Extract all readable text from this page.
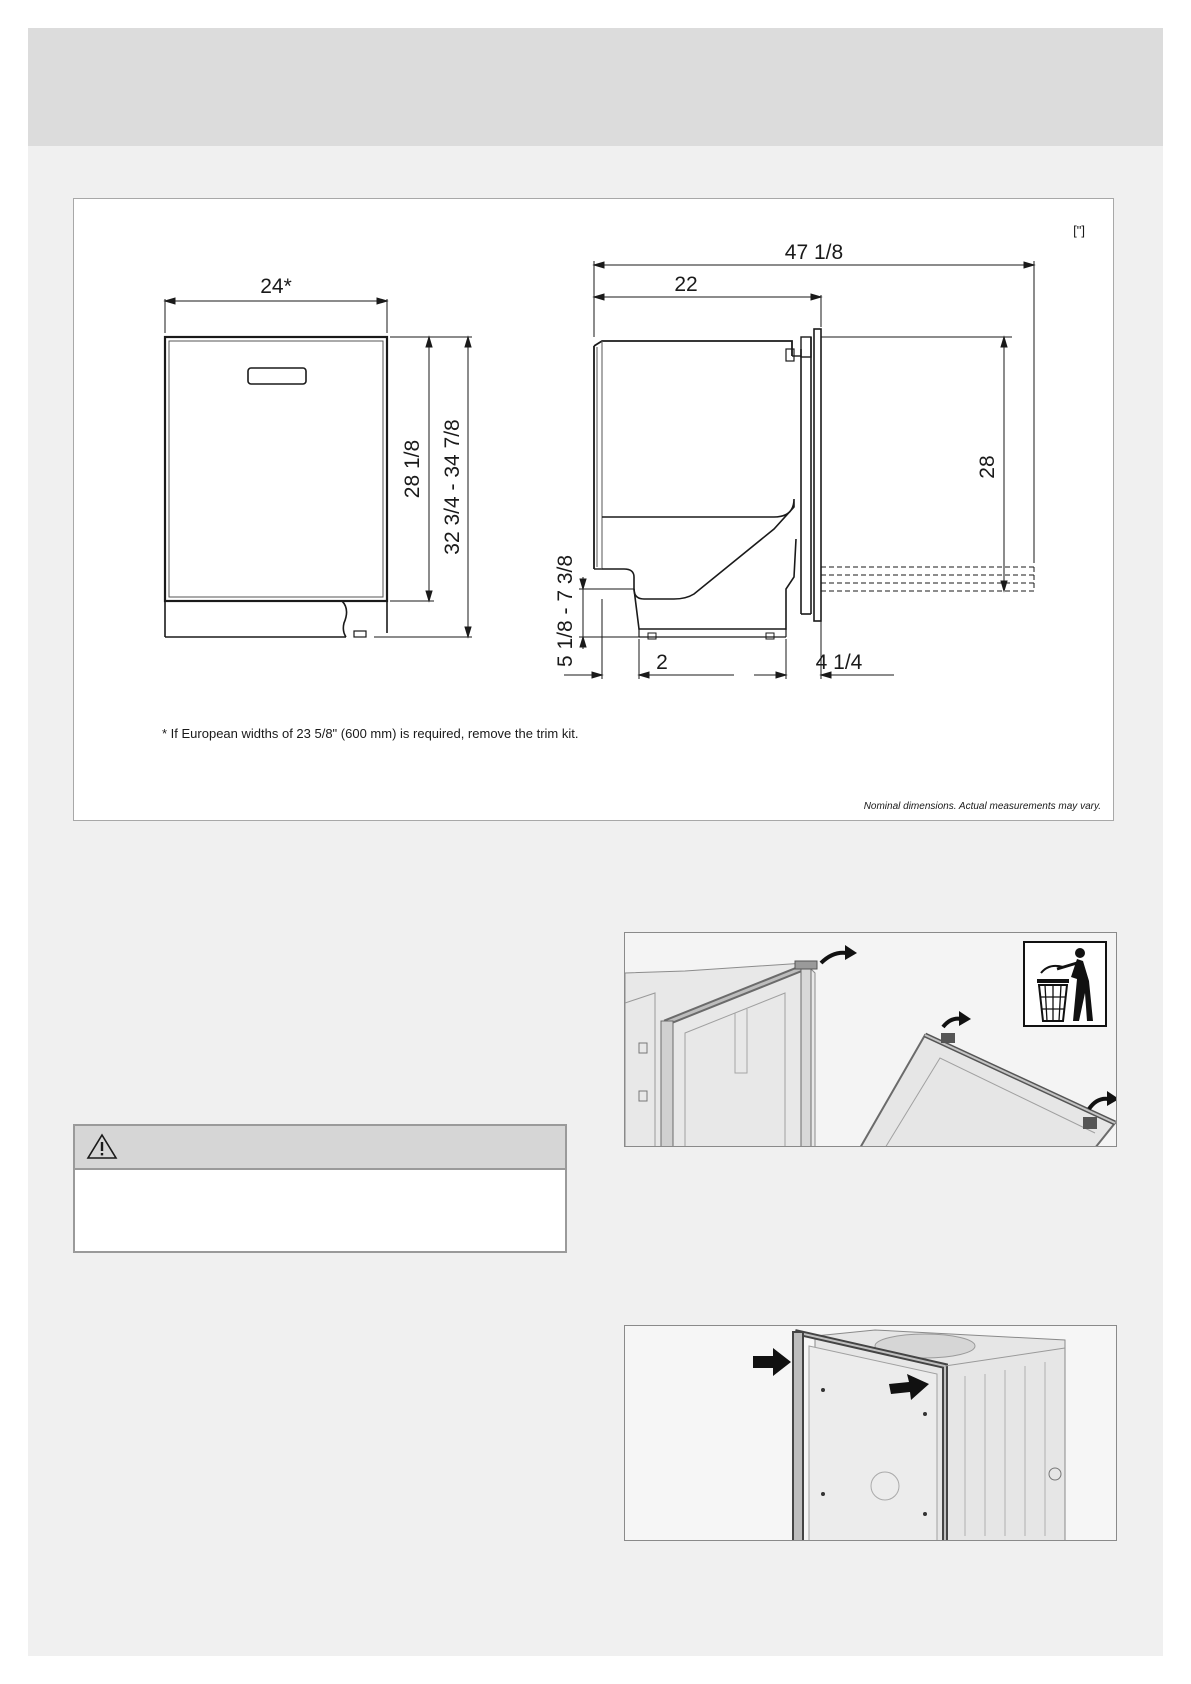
24*
28 1/8 32 3/4 - 34 7/8
47 1/8
22
28
5 1/8 - 7 3/8	2	4 1/4
["]
* If European widths of 23 5/8" (600 mm) is required, remove the trim kit.
Nominal dimensions. Actual measurements may vary.
